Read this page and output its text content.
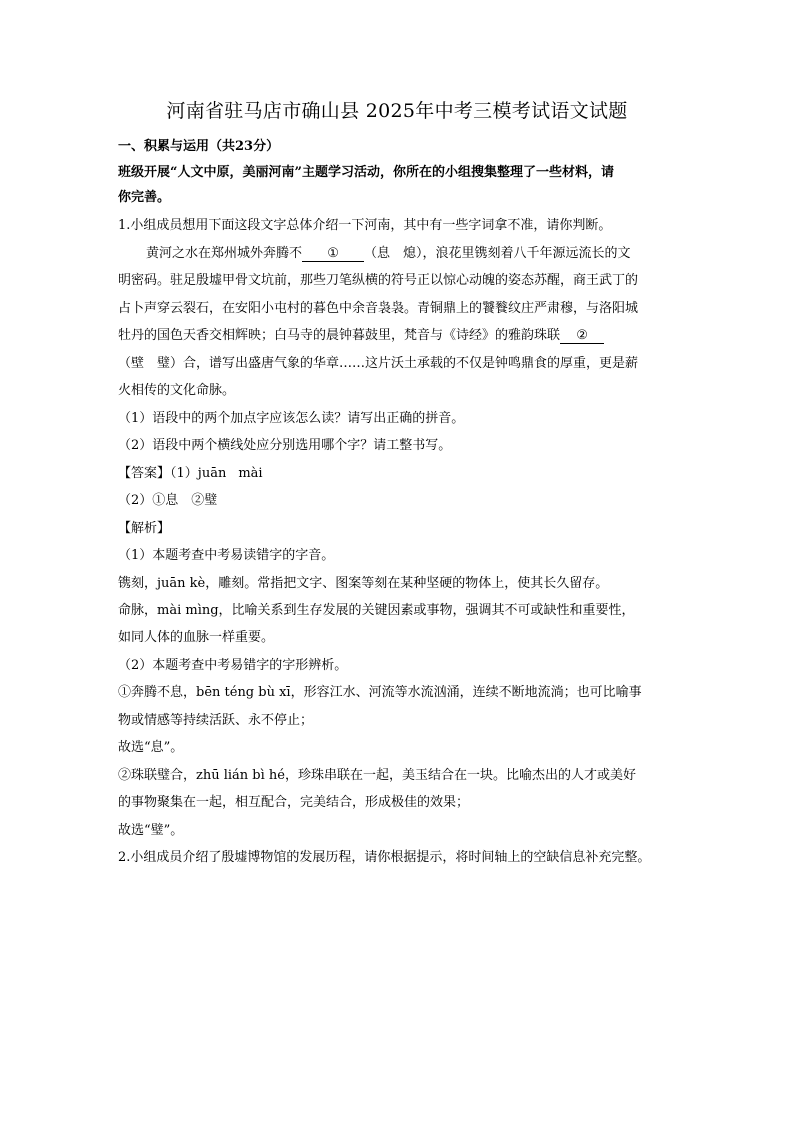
河南省驻马店市确山县 2025年中考三模考试语文试题
一、积累与运用（共23分）
班级开展“人文中原，美丽河南”主题学习活动，你所在的小组搜集整理了一些材料，请
你完善。
1.小组成员想用下面这段文字总体介绍一下河南，其中有一些字词拿不准，请你判断。
黄河之水在郑州城外奔腾不 ① （息　熄），浪花里镌刻着八千年源远流长的文
明密码。驻足殷墟甲骨文坑前，那些刀笔纵横的符号正以惊心动魄的姿态苏醒，商王武丁的
占卜声穿云裂石，在安阳小屯村的暮色中余音袅袅。青铜鼎上的饕餮纹庄严肃穆，与洛阳城
牡丹的国色天香交相辉映；白马寺的晨钟暮鼓里，梵音与《诗经》的雅韵珠联 ②
（壁　璧）合，谱写出盛唐气象的华章……这片沃土承载的不仅是钟鸣鼎食的厚重，更是薪
火相传的文化命脉。
（1）语段中的两个加点字应该怎么读？请写出正确的拼音。
（2）语段中两个横线处应分别选用哪个字？请工整书写。
【答案】（1）juān mài
（2）①息　②璧
【解析】
（1）本题考查中考易读错字的字音。
镌刻，juān kè，雕刻。常指把文字、图案等刻在某种坚硬的物体上，使其长久留存。
命脉，mài mìng，比喻关系到生存发展的关键因素或事物，强调其不可或缺性和重要性，
如同人体的血脉一样重要。
（2）本题考查中考易错字的字形辨析。
①奔腾不息，bēn téng bù xī，形容江水、河流等水流汹涌，连续不断地流淌；也可比喻事
物或情感等持续活跃、永不停止；
故选“息”。
②珠联璧合，zhū lián bì hé，珍珠串联在一起，美玉结合在一块。比喻杰出的人才或美好
的事物聚集在一起，相互配合，完美结合，形成极佳的效果；
故选“璧”。
2.小组成员介绍了殷墟博物馆的发展历程，请你根据提示，将时间轴上的空缺信息补充完整。
